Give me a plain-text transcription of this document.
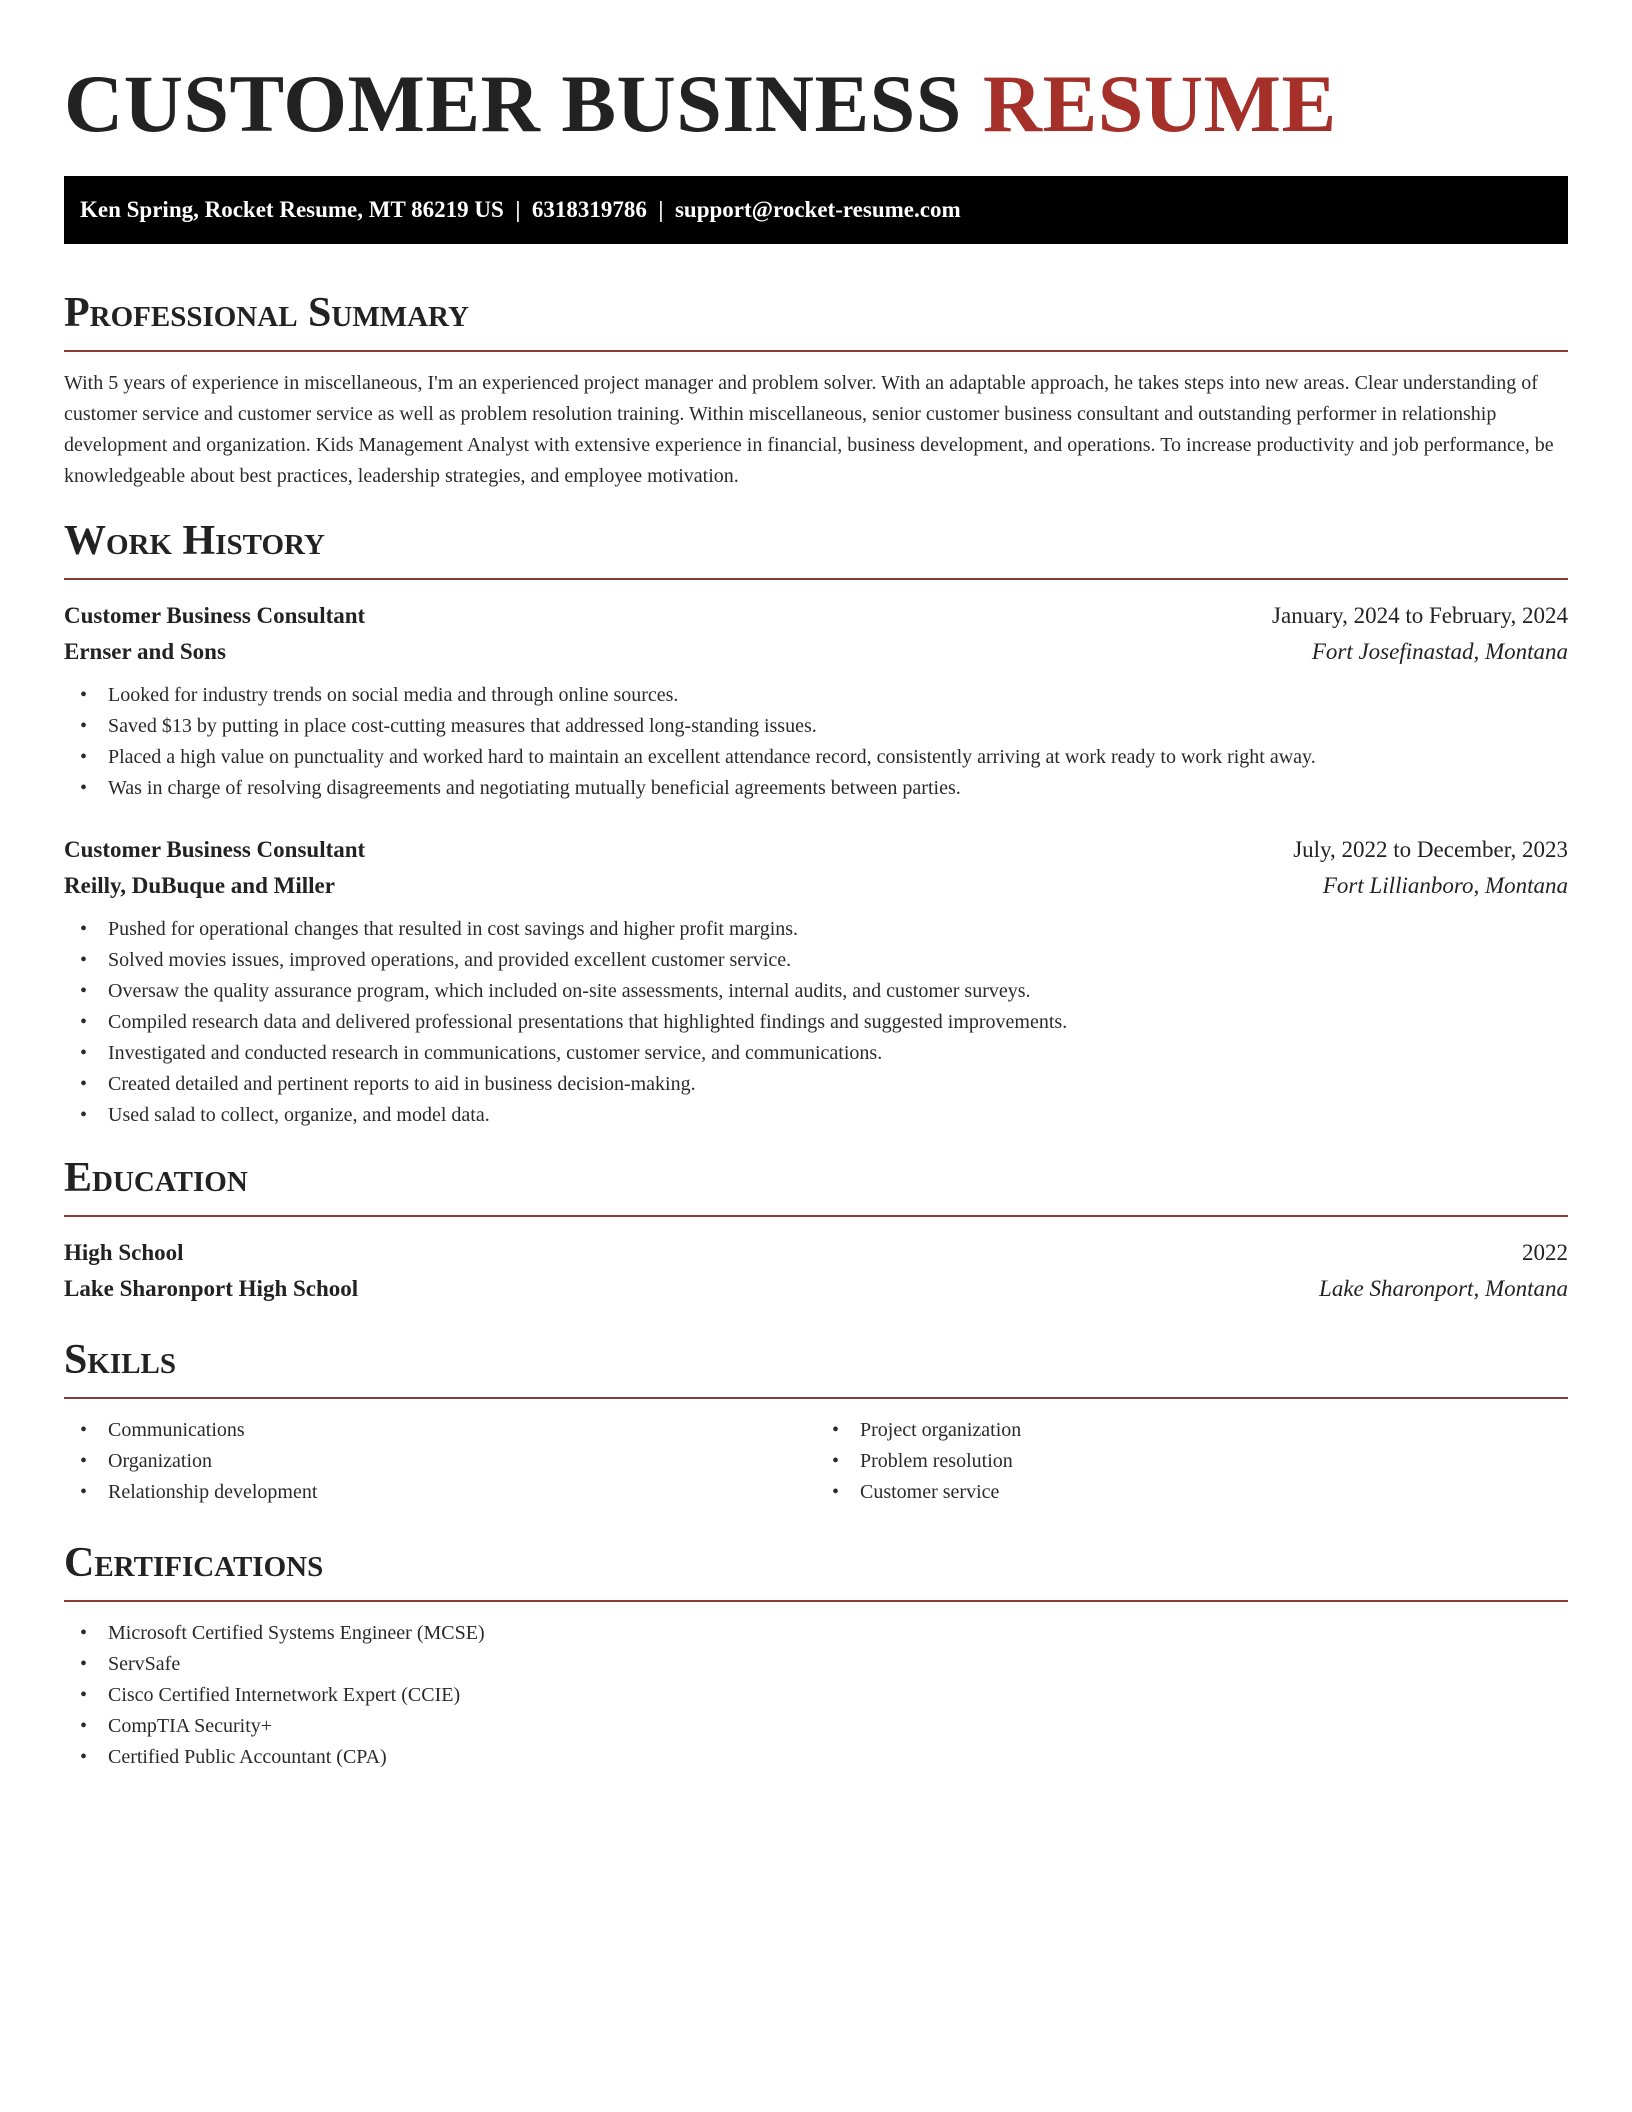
CUSTOMER BUSINESS RESUME
Ken Spring, Rocket Resume, MT 86219 US | 6318319786 | support@rocket-resume.com
Professional Summary

With 5 years of experience in miscellaneous, I'm an experienced project manager and problem solver. With an adaptable approach, he takes steps into new areas. Clear understanding of customer service and customer service as well as problem resolution training. Within miscellaneous, senior customer business consultant and outstanding performer in relationship development and organization. Kids Management Analyst with extensive experience in financial, business development, and operations. To increase productivity and job performance, be knowledgeable about best practices, leadership strategies, and employee motivation.

Work History
Customer Business Consultant	January, 2024 to February, 2024
Ernser and Sons	Fort Josefinastad, Montana
• Looked for industry trends on social media and through online sources.
• Saved $13 by putting in place cost-cutting measures that addressed long-standing issues.
• Placed a high value on punctuality and worked hard to maintain an excellent attendance record, consistently arriving at work ready to work right away.
• Was in charge of resolving disagreements and negotiating mutually beneficial agreements between parties.
Customer Business Consultant	July, 2022 to December, 2023
Reilly, DuBuque and Miller	Fort Lillianboro, Montana
• Pushed for operational changes that resulted in cost savings and higher profit margins.
• Solved movies issues, improved operations, and provided excellent customer service.
• Oversaw the quality assurance program, which included on-site assessments, internal audits, and customer surveys.
• Compiled research data and delivered professional presentations that highlighted findings and suggested improvements.
• Investigated and conducted research in communications, customer service, and communications.
• Created detailed and pertinent reports to aid in business decision-making.
• Used salad to collect, organize, and model data.
Education
High School	2022
Lake Sharonport High School	Lake Sharonport, Montana
Skills
• Communications
• Organization
• Relationship development
• Project organization
• Problem resolution
• Customer service
Certifications
• Microsoft Certified Systems Engineer (MCSE)
• ServSafe
• Cisco Certified Internetwork Expert (CCIE)
• CompTIA Security+
• Certified Public Accountant (CPA)
